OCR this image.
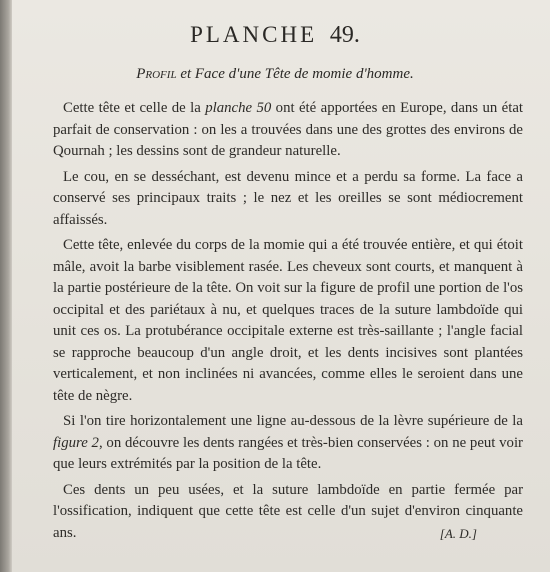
PLANCHE 49.
Profil et Face d'une Tête de momie d'homme.

Cette tête et celle de la planche 50 ont été apportées en Europe, dans un état parfait de conservation : on les a trouvées dans une des grottes des environs de Qournah ; les dessins sont de grandeur naturelle.

Le cou, en se desséchant, est devenu mince et a perdu sa forme. La face a conservé ses principaux traits ; le nez et les oreilles se sont médiocrement affaissés.

Cette tête, enlevée du corps de la momie qui a été trouvée entière, et qui étoit mâle, avoit la barbe visiblement rasée. Les cheveux sont courts, et manquent à la partie postérieure de la tête. On voit sur la figure de profil une portion de l'os occipital et des pariétaux à nu, et quelques traces de la suture lambdoïde qui unit ces os. La protubérance occipitale externe est très-saillante ; l'angle facial se rapproche beaucoup d'un angle droit, et les dents incisives sont plantées verticalement, et non inclinées ni avancées, comme elles le seroient dans une tête de nègre.

Si l'on tire horizontalement une ligne au-dessous de la lèvre supérieure de la figure 2, on découvre les dents rangées et très-bien conservées : on ne peut voir que leurs extrémités par la position de la tête.

Ces dents un peu usées, et la suture lambdoïde en partie fermée par l'ossification, indiquent que cette tête est celle d'un sujet d'environ cinquante ans.	[A. D.]
